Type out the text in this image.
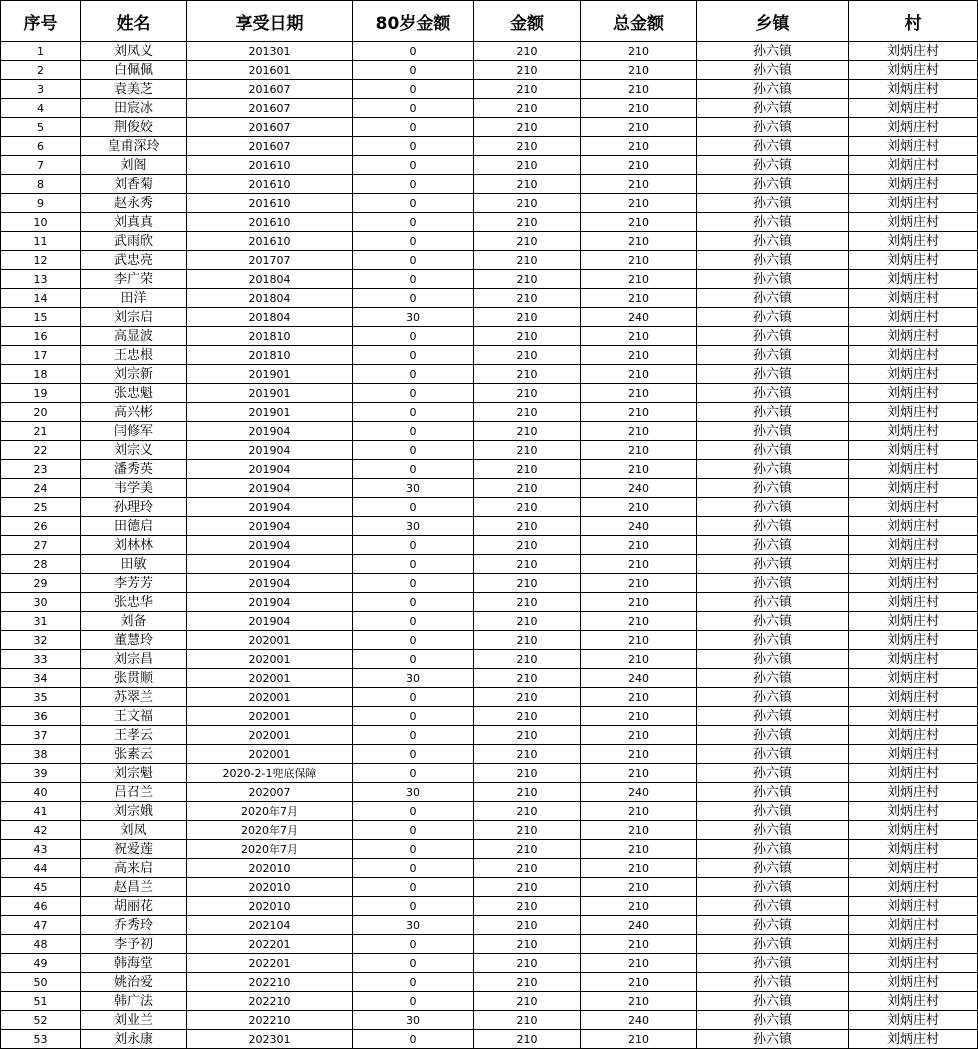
序号	姓名	享受日期	80岁金额	金额	总金额	乡镇	村
1	刘凤义	201301	0	210	210	孙六镇	刘炳庄村
2	白佩佩	201601	0	210	210	孙六镇	刘炳庄村
3	袁美芝	201607	0	210	210	孙六镇	刘炳庄村
4	田宸冰	201607	0	210	210	孙六镇	刘炳庄村
5	荆俊姣	201607	0	210	210	孙六镇	刘炳庄村
6	皇甫深玲	201607	0	210	210	孙六镇	刘炳庄村
7	刘阁	201610	0	210	210	孙六镇	刘炳庄村
8	刘香菊	201610	0	210	210	孙六镇	刘炳庄村
9	赵永秀	201610	0	210	210	孙六镇	刘炳庄村
10	刘真真	201610	0	210	210	孙六镇	刘炳庄村
11	武雨欣	201610	0	210	210	孙六镇	刘炳庄村
12	武忠亮	201707	0	210	210	孙六镇	刘炳庄村
13	李广荣	201804	0	210	210	孙六镇	刘炳庄村
14	田洋	201804	0	210	210	孙六镇	刘炳庄村
15	刘宗启	201804	30	210	240	孙六镇	刘炳庄村
16	高显波	201810	0	210	210	孙六镇	刘炳庄村
17	王忠根	201810	0	210	210	孙六镇	刘炳庄村
18	刘宗新	201901	0	210	210	孙六镇	刘炳庄村
19	张忠魁	201901	0	210	210	孙六镇	刘炳庄村
20	高兴彬	201901	0	210	210	孙六镇	刘炳庄村
21	闫修军	201904	0	210	210	孙六镇	刘炳庄村
22	刘宗义	201904	0	210	210	孙六镇	刘炳庄村
23	潘秀英	201904	0	210	210	孙六镇	刘炳庄村
24	韦学美	201904	30	210	240	孙六镇	刘炳庄村
25	孙理玲	201904	0	210	210	孙六镇	刘炳庄村
26	田德启	201904	30	210	240	孙六镇	刘炳庄村
27	刘林林	201904	0	210	210	孙六镇	刘炳庄村
28	田敏	201904	0	210	210	孙六镇	刘炳庄村
29	李芳芳	201904	0	210	210	孙六镇	刘炳庄村
30	张忠华	201904	0	210	210	孙六镇	刘炳庄村
31	刘备	201904	0	210	210	孙六镇	刘炳庄村
32	董慧玲	202001	0	210	210	孙六镇	刘炳庄村
33	刘宗昌	202001	0	210	210	孙六镇	刘炳庄村
34	张贯顺	202001	30	210	240	孙六镇	刘炳庄村
35	苏翠兰	202001	0	210	210	孙六镇	刘炳庄村
36	王文福	202001	0	210	210	孙六镇	刘炳庄村
37	王孝云	202001	0	210	210	孙六镇	刘炳庄村
38	张素云	202001	0	210	210	孙六镇	刘炳庄村
39	刘宗魁	2020-2-1兜底保障	0	210	210	孙六镇	刘炳庄村
40	吕召兰	202007	30	210	240	孙六镇	刘炳庄村
41	刘宗娥	2020年7月	0	210	210	孙六镇	刘炳庄村
42	刘凤	2020年7月	0	210	210	孙六镇	刘炳庄村
43	祝爱莲	2020年7月	0	210	210	孙六镇	刘炳庄村
44	高来启	202010	0	210	210	孙六镇	刘炳庄村
45	赵昌兰	202010	0	210	210	孙六镇	刘炳庄村
46	胡丽花	202010	0	210	210	孙六镇	刘炳庄村
47	乔秀玲	202104	30	210	240	孙六镇	刘炳庄村
48	李予初	202201	0	210	210	孙六镇	刘炳庄村
49	韩海堂	202201	0	210	210	孙六镇	刘炳庄村
50	姚治爱	202210	0	210	210	孙六镇	刘炳庄村
51	韩广法	202210	0	210	210	孙六镇	刘炳庄村
52	刘业兰	202210	30	210	240	孙六镇	刘炳庄村
53	刘永康	202301	0	210	210	孙六镇	刘炳庄村
